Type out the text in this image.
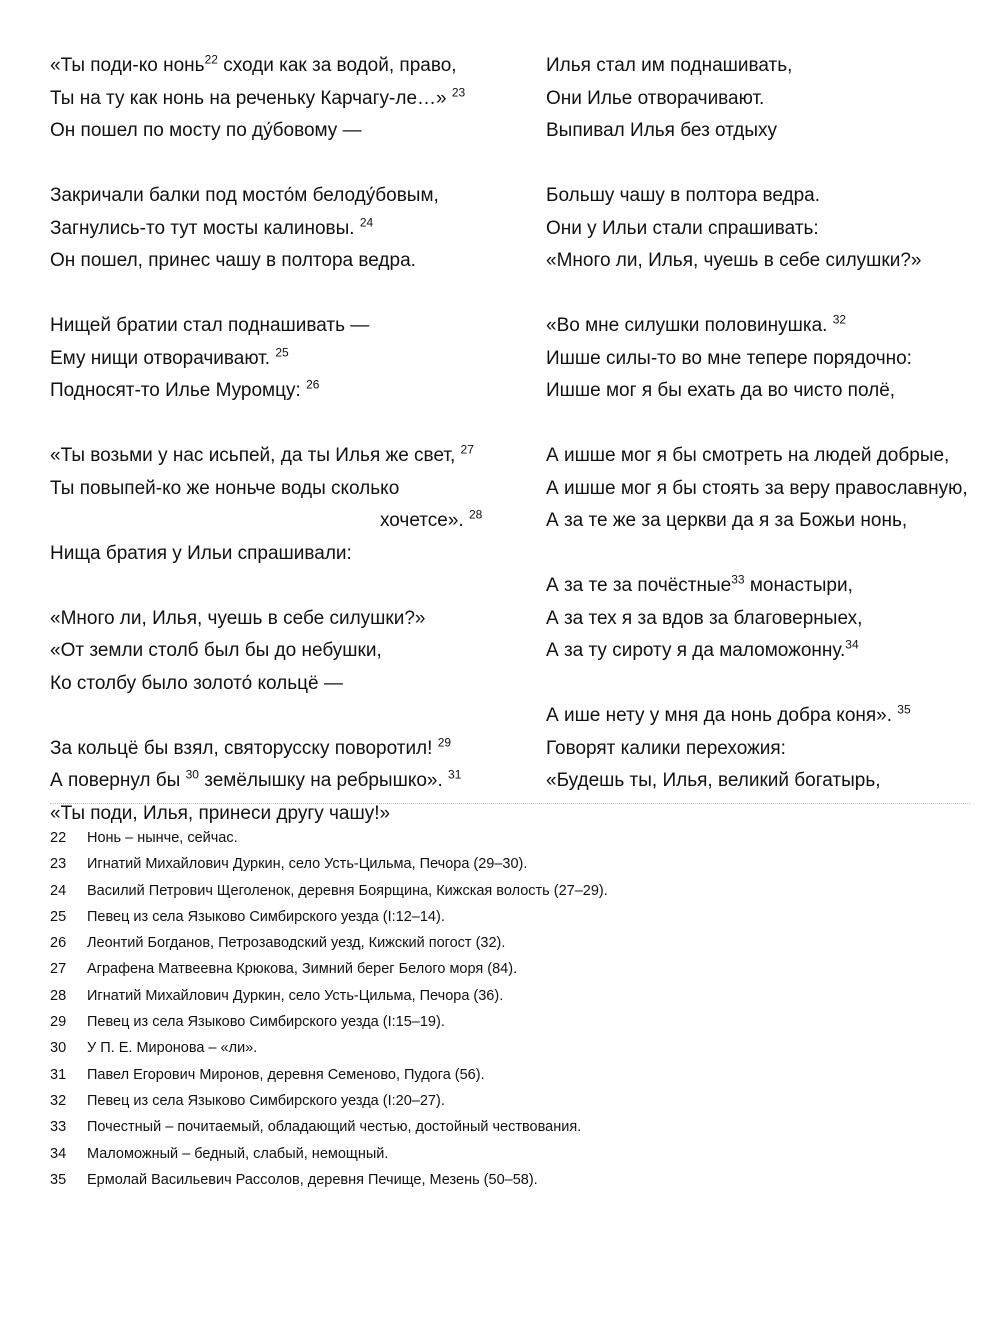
«Ты поди-ко нонь$^{22}$ сходи как за водой, право,
Ты на ту как нонь на реченьку Карчагу-ле…» $^{23}$
Он пошел по мосту по ду́бовому —
Закричали балки под мосто́м белоду́бовым,
Загнулись-то тут мосты калиновы. $^{24}$
Он пошел, принес чашу в полтора ведра.
Нищей братии стал поднашивать —
Ему нищи отворачивают. $^{25}$
Подносят-то Илье Муромцу: $^{26}$
«Ты возьми у нас исьпей, да ты Илья же свет, $^{27}$
Ты повыпей-ко же ноньче воды сколько
хочетсе». $^{28}$
Нища братия у Ильи спрашивали:
«Много ли, Илья, чуешь в себе силушки?»
«От земли столб был бы до небушки,
Ко столбу было золото́ кольцё —
За кольцё бы взял, святорусску поворотил! $^{29}$
А повернул бы $^{30}$ земёлышку на ребрышко». $^{31}$
«Ты поди, Илья, принеси другу чашу!»
Илья стал им поднашивать,
Они Илье отворачивают.
Выпивал Илья без отдыху
Большу чашу в полтора ведра.
Они у Ильи стали спрашивать:
«Много ли, Илья, чуешь в себе силушки?»
«Во мне силушки половинушка. $^{32}$
Ишше силы-то во мне тепере порядочно:
Ишше мог я бы ехать да во чисто полё,
А ишше мог я бы смотреть на людей добрые,
А ишше мог я бы стоять за веру православную,
А за те же за церкви да я за Божьи нонь,
А за те за почёстные$^{33}$ монастыри,
А за тех я за вдов за благоверныех,
А за ту сироту я да маломожонну.$^{34}$
А ише нету у мня да нонь добра коня». $^{35}$
Говорят калики перехожия:
«Будешь ты, Илья, великий богатырь,
22 Нонь – нынче, сейчас.
23 Игнатий Михайлович Дуркин, село Усть-Цильма, Печора (29–30).
24 Василий Петрович Щеголенок, деревня Боярщина, Кижская волость (27–29).
25 Певец из села Языково Симбирского уезда (I:12–14).
26 Леонтий Богданов, Петрозаводский уезд, Кижский погост (32).
27 Аграфена Матвеевна Крюкова, Зимний берег Белого моря (84).
28 Игнатий Михайлович Дуркин, село Усть-Цильма, Печора (36).
29 Певец из села Языково Симбирского уезда (I:15–19).
30 У П. Е. Миронова – «ли».
31 Павел Егорович Миронов, деревня Семеново, Пудога (56).
32 Певец из села Языково Симбирского уезда (I:20–27).
33 Почестный – почитаемый, обладающий честью, достойный чествования.
34 Маломожный – бедный, слабый, немощный.
35 Ермолай Васильевич Рассолов, деревня Печище, Мезень (50–58).
